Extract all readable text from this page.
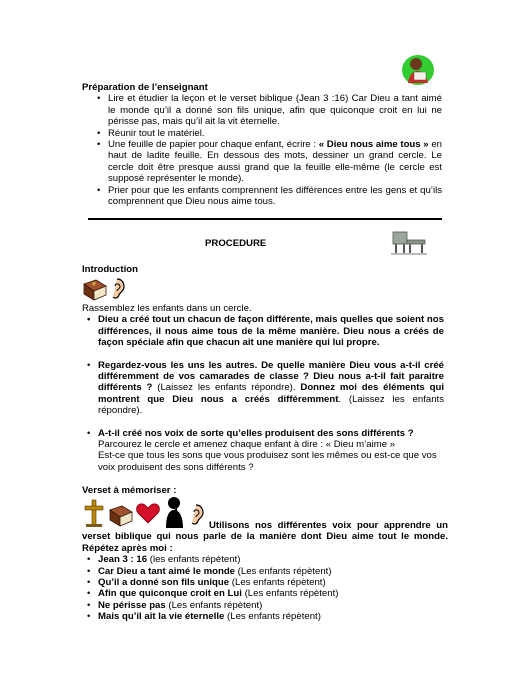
Préparation de l’enseignant
• Lire et étudier la leçon et le verset biblique (Jean 3 :16) Car Dieu a tant aimé le monde qu’il a donné son fils unique, afin que quiconque croit en lui ne périsse pas, mais qu’il ait la vit éternelle.
• Réunir tout le matériel.
• Une feuille de papier pour chaque enfant, écrire : « Dieu nous aime tous » en haut de ladite feuille. En dessous des mots, dessiner un grand cercle. Le cercle doit être presque aussi grand que la feuille elle-même (le cercle est supposé représenter le monde).
• Prier pour que les enfants comprennent les différences entre les gens et qu’ils comprennent que Dieu nous aime tous.
PROCEDURE
Introduction
Rassemblez les enfants dans un cercle.
• Dieu a créé tout un chacun de façon différente, mais quelles que soient nos différences, il nous aime tous de la même manière. Dieu nous a créés de façon spéciale afin que chacun ait une manière qui lui propre.
• Regardez-vous les uns les autres. De quelle manière Dieu vous a-t-il créé différemment de vos camarades de classe ? Dieu nous a-t-il fait paraitre différents ? (Laissez les enfants répondre). Donnez moi des éléments qui montrent que Dieu nous a créés différemment. (Laissez les enfants répondre).
• A-t-il créé nos voix de sorte qu’elles produisent des sons différents ?
Parcourez le cercle et amenez chaque enfant à dire : « Dieu m’aime »
Est-ce que tous les sons que vous produisez sont les mêmes ou est-ce que vos voix produisent des sons différents ?
Verset à mémoriser :
Utilisons nos différentes voix pour apprendre un verset biblique qui nous parle de la manière dont Dieu aime tout le monde. Répétez après moi :
• Jean 3 : 16 (les enfants répètent)
• Car Dieu a tant aimé le monde (Les enfants répètent)
• Qu’il a donné son fils unique (Les enfants répètent)
• Afin que quiconque croit en Lui (Les enfants répètent)
• Ne périsse pas (Les enfants répètent)
• Mais qu’il ait la vie éternelle (Les enfants répètent)
